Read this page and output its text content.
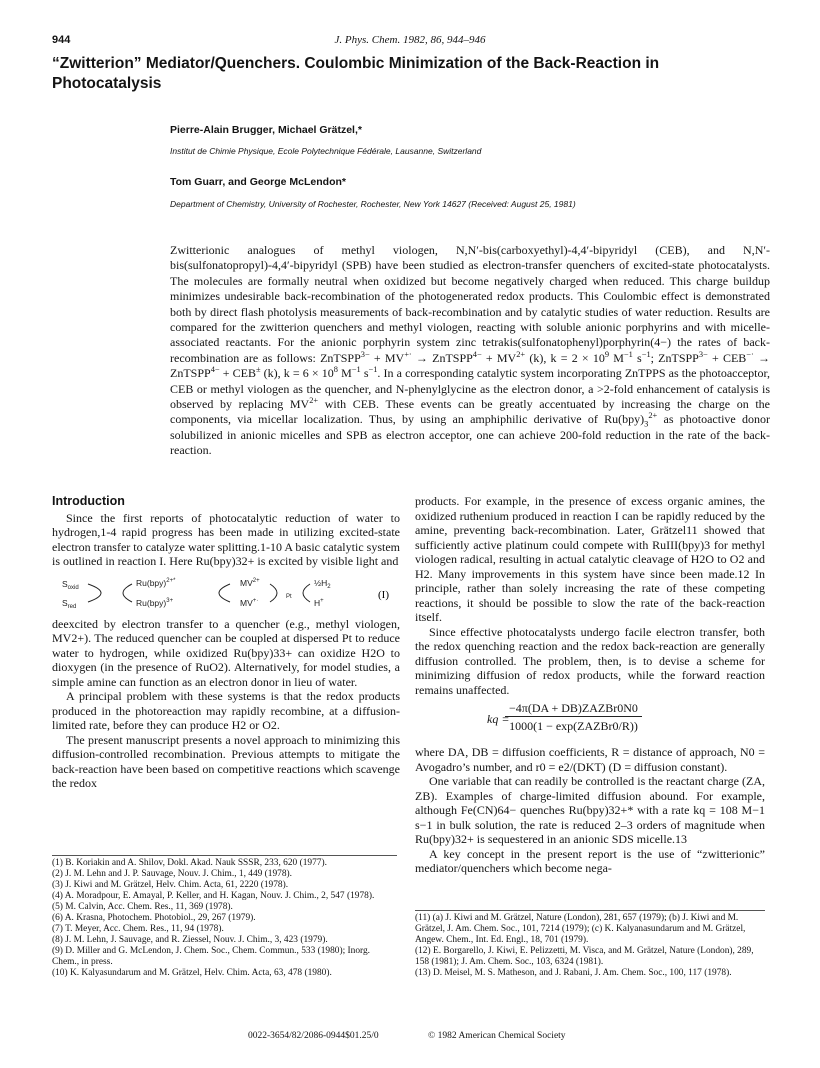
944	J. Phys. Chem. 1982, 86, 944–946
“Zwitterion” Mediator/Quenchers. Coulombic Minimization of the Back-Reaction in Photocatalysis
Pierre-Alain Brugger, Michael Grätzel,*
Institut de Chimie Physique, Ecole Polytechnique Fédérale, Lausanne, Switzerland
Tom Guarr, and George McLendon*
Department of Chemistry, University of Rochester, Rochester, New York 14627 (Received: August 25, 1981)
Zwitterionic analogues of methyl viologen, N,N′-bis(carboxyethyl)-4,4′-bipyridyl (CEB), and N,N′-bis(sulfonatopropyl)-4,4′-bipyridyl (SPB) have been studied as electron-transfer quenchers of excited-state photocatalysts. The molecules are formally neutral when oxidized but become negatively charged when reduced. This charge buildup minimizes undesirable back-recombination of the photogenerated redox products. This Coulombic effect is demonstrated both by direct flash photolysis measurements of back-recombination and by catalytic studies of water reduction. Results are compared for the zwitterion quenchers and methyl viologen, reacting with soluble anionic porphyrins and with micelle-associated reactants. For the anionic porphyrin system zinc tetrakis(sulfonatophenyl)porphyrin(4−) the rates of back-recombination are as follows: ZnTSPP$^{3-}$ + MV+· → ZnTSPP$^{4-}$ + $MV^{2+}$ (k), $k = 2 \times 10^9$ $M^{-1}$ $s^{-1}$; ZnTSPP$^{3-}$ + CEB−· → ZnTSPP$^{4-}$ + CEB± (k), $k = 6 \times 10^8$ $M^{-1}$ $s^{-1}$. In a corresponding catalytic system incorporating ZnTPPS as the photoacceptor, CEB or methyl viologen as the quencher, and N-phenylglycine as the electron donor, a >2-fold enhancement of catalysis is observed by replacing $MV^{2+}$ with CEB. These events can be greatly accentuated by increasing the charge on the components, via micellar localization. Thus, by using an amphiphilic derivative of $Ru(bpy)_3^{2+}$ as photoactive donor solubilized in anionic micelles and SPB as electron acceptor, one can achieve 200-fold reduction in the rate of the back-reaction.

Introduction

Since the first reports of photocatalytic reduction of water to hydrogen,1-4 rapid progress has been made in utilizing excited-state electron transfer to catalyze water splitting.1-10 A basic catalytic system is outlined in reaction I. Here Ru(bpy)32+ is excited by visible light and

$S_{oxid}$
$S_{red}$
Ru(bpy)$^{2+*}$
Ru(bpy)$^{3+}$
$MV^{2+}$
MV+·
Pt
$\frac{1}{2}H_2$
H+	(I)

deexcited by electron transfer to a quencher (e.g., methyl viologen, MV2+). The reduced quencher can be coupled at dispersed Pt to reduce water to hydrogen, while oxidized Ru(bpy)33+ can oxidize H2O to dioxygen (in the presence of RuO2). Alternatively, for model studies, a simple amine can function as an electron donor in lieu of water.

A principal problem with these systems is that the redox products produced in the photoreaction may rapidly recombine, at a diffusion-limited rate, before they can produce H2 or O2.

The present manuscript presents a novel approach to minimizing this diffusion-controlled recombination. Previous attempts to mitigate the back-reaction have been based on competitive reactions which scavenge the redox

products. For example, in the presence of excess organic amines, the oxidized ruthenium produced in reaction I can be rapidly reduced by the amine, preventing back-recombination. Later, Grätzel11 showed that sufficiently active platinum could compete with RuIII(bpy)3 for methyl viologen radical, resulting in actual catalytic cleavage of H2O to O2 and H2. Many improvements in this system have since been made.12 In principle, rather than solely increasing the rate of these competing reactions, it should be possible to slow the rate of the back-reaction itself.

Since effective photocatalysts undergo facile electron transfer, both the redox quenching reaction and the redox back-reaction are generally diffusion controlled. The problem, then, is to devise a scheme for minimizing diffusion of redox products, while the forward reaction remains unaffected.

kq =
−4π(DA + DB)ZAZBr0N0
1000(1 − exp(ZAZBr0/R))

where DA, DB = diffusion coefficients, R = distance of approach, N0 = Avogadro’s number, and r0 = e2/(DKT) (D = diffusion constant).

One variable that can readily be controlled is the reactant charge (ZA, ZB). Examples of charge-limited diffusion abound. For example, although Fe(CN)64− quenches Ru(bpy)32+* with a rate kq = 108 M−1 s−1 in bulk solution, the rate is reduced 2–3 orders of magnitude when Ru(bpy)32+ is sequestered in an anionic SDS micelle.13

A key concept in the present report is the use of “zwitterionic” mediator/quenchers which become nega-

(1) B. Koriakin and A. Shilov, Dokl. Akad. Nauk SSSR, 233, 620 (1977).

(2) J. M. Lehn and J. P. Sauvage, Nouv. J. Chim., 1, 449 (1978).

(3) J. Kiwi and M. Grätzel, Helv. Chim. Acta, 61, 2220 (1978).

(4) A. Moradpour, E. Amayal, P. Keller, and H. Kagan, Nouv. J. Chim., 2, 547 (1978).

(5) M. Calvin, Acc. Chem. Res., 11, 369 (1978).

(6) A. Krasna, Photochem. Photobiol., 29, 267 (1979).

(7) T. Meyer, Acc. Chem. Res., 11, 94 (1978).

(8) J. M. Lehn, J. Sauvage, and R. Ziessel, Nouv. J. Chim., 3, 423 (1979).

(9) D. Miller and G. McLendon, J. Chem. Soc., Chem. Commun., 533 (1980); Inorg. Chem., in press.

(10) K. Kalyasundarum and M. Grätzel, Helv. Chim. Acta, 63, 478 (1980).

(11) (a) J. Kiwi and M. Grätzel, Nature (London), 281, 657 (1979); (b) J. Kiwi and M. Grätzel, J. Am. Chem. Soc., 101, 7214 (1979); (c) K. Kalyanasundarum and M. Grätzel, Angew. Chem., Int. Ed. Engl., 18, 701 (1979).

(12) E. Borgarello, J. Kiwi, E. Pelizzetti, M. Visca, and M. Grätzel, Nature (London), 289, 158 (1981); J. Am. Chem. Soc., 103, 6324 (1981).

(13) D. Meisel, M. S. Matheson, and J. Rabani, J. Am. Chem. Soc., 100, 117 (1978).

0022-3654/82/2086-0944$01.25/0	© 1982 American Chemical Society
